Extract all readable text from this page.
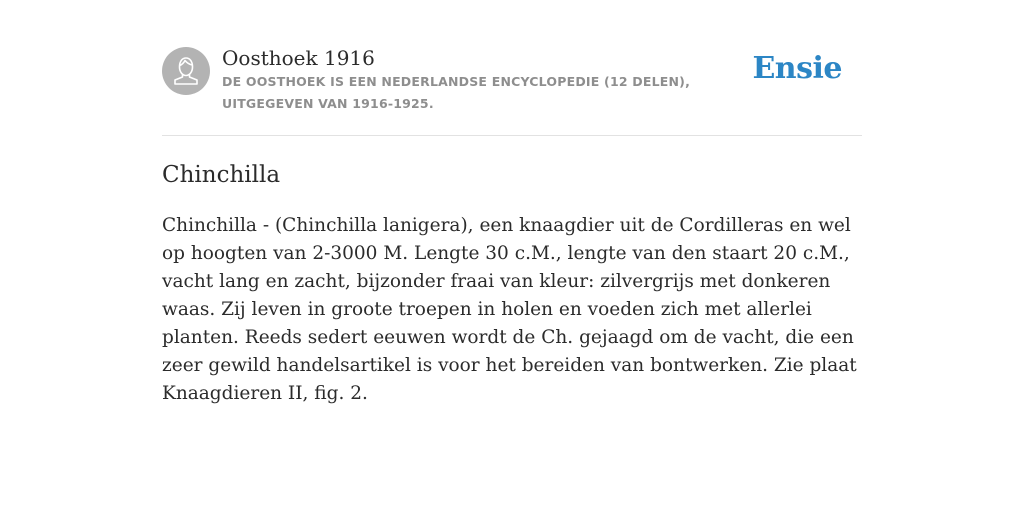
Oosthoek 1916
DE OOSTHOEK IS EEN NEDERLANDSE ENCYCLOPEDIE (12 DELEN), UITGEGEVEN VAN 1916-1925.
Ensie
Chinchilla

Chinchilla - (Chinchilla lanigera), een knaagdier uit de Cordilleras en wel op hoogten van 2-3000 M. Lengte 30 c.M., lengte van den staart 20 c.M., vacht lang en zacht, bijzonder fraai van kleur: zilvergrijs met donkeren waas. Zij leven in groote troepen in holen en voeden zich met allerlei planten. Reeds sedert eeuwen wordt de Ch. gejaagd om de vacht, die een zeer gewild handelsartikel is voor het bereiden van bontwerken. Zie plaat Knaagdieren II, fig. 2.
